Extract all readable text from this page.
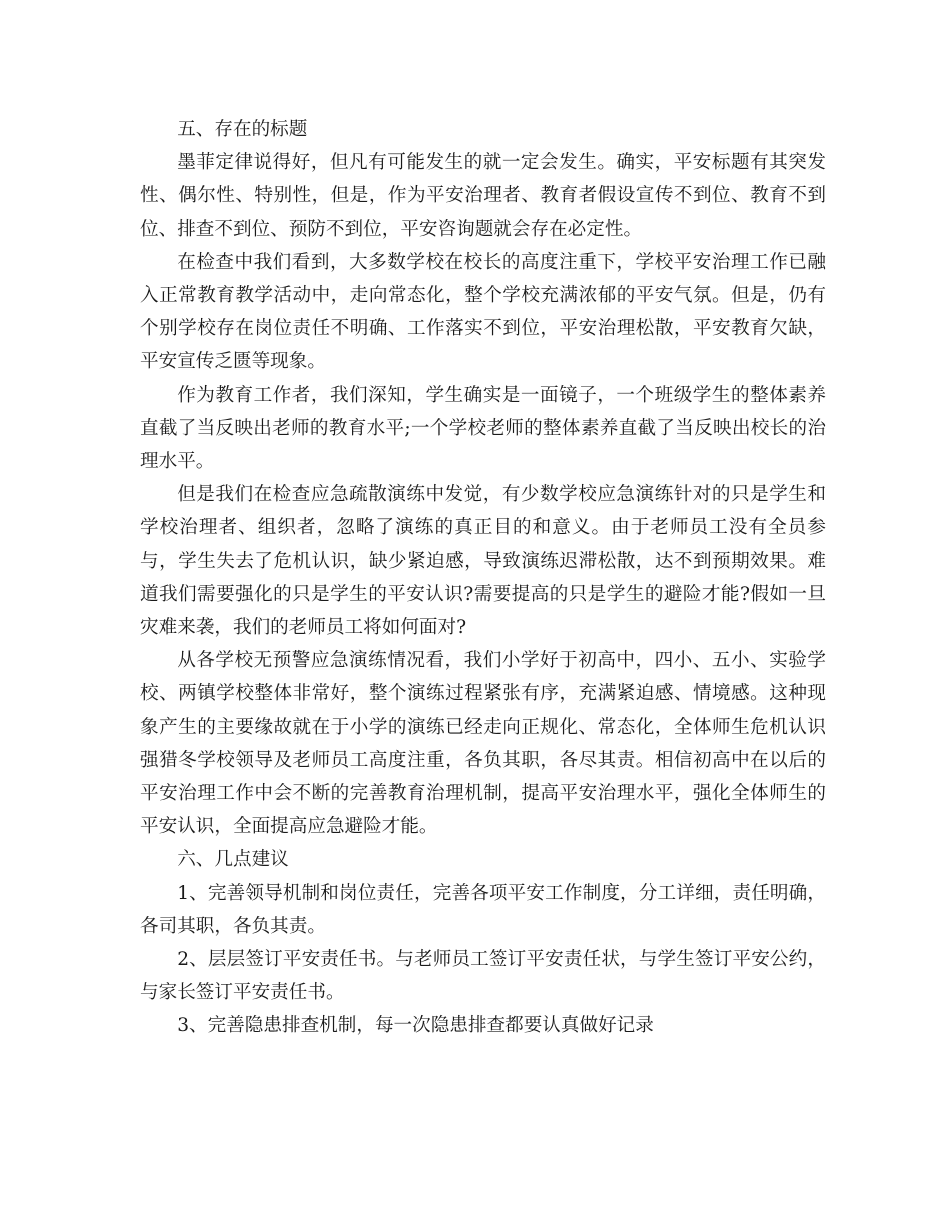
五、存在的标题

墨菲定律说得好，但凡有可能发生的就一定会发生。确实，平安标题有其突发性、偶尔性、特别性，但是，作为平安治理者、教育者假设宣传不到位、教育不到位、排查不到位、预防不到位，平安咨询题就会存在必定性。

在检查中我们看到，大多数学校在校长的高度注重下，学校平安治理工作已融入正常教育教学活动中，走向常态化，整个学校充满浓郁的平安气氛。但是，仍有个别学校存在岗位责任不明确、工作落实不到位，平安治理松散，平安教育欠缺，平安宣传乏匮等现象。

作为教育工作者，我们深知，学生确实是一面镜子，一个班级学生的整体素养直截了当反映出老师的教育水平;一个学校老师的整体素养直截了当反映出校长的治理水平。

但是我们在检查应急疏散演练中发觉，有少数学校应急演练针对的只是学生和学校治理者、组织者，忽略了演练的真正目的和意义。由于老师员工没有全员参与，学生失去了危机认识，缺少紧迫感，导致演练迟滞松散，达不到预期效果。难道我们需要强化的只是学生的平安认识?需要提高的只是学生的避险才能?假如一旦灾难来袭，我们的老师员工将如何面对?

从各学校无预警应急演练情况看，我们小学好于初高中，四小、五小、实验学校、两镇学校整体非常好，整个演练过程紧张有序，充满紧迫感、情境感。这种现象产生的主要缘故就在于小学的演练已经走向正规化、常态化，全体师生危机认识强猎冬学校领导及老师员工高度注重，各负其职，各尽其责。相信初高中在以后的平安治理工作中会不断的完善教育治理机制，提高平安治理水平，强化全体师生的平安认识，全面提高应急避险才能。

六、几点建议

1、完善领导机制和岗位责任，完善各项平安工作制度，分工详细，责任明确，各司其职，各负其责。

2、层层签订平安责任书。与老师员工签订平安责任状，与学生签订平安公约，与家长签订平安责任书。

3、完善隐患排查机制，每一次隐患排查都要认真做好记录
